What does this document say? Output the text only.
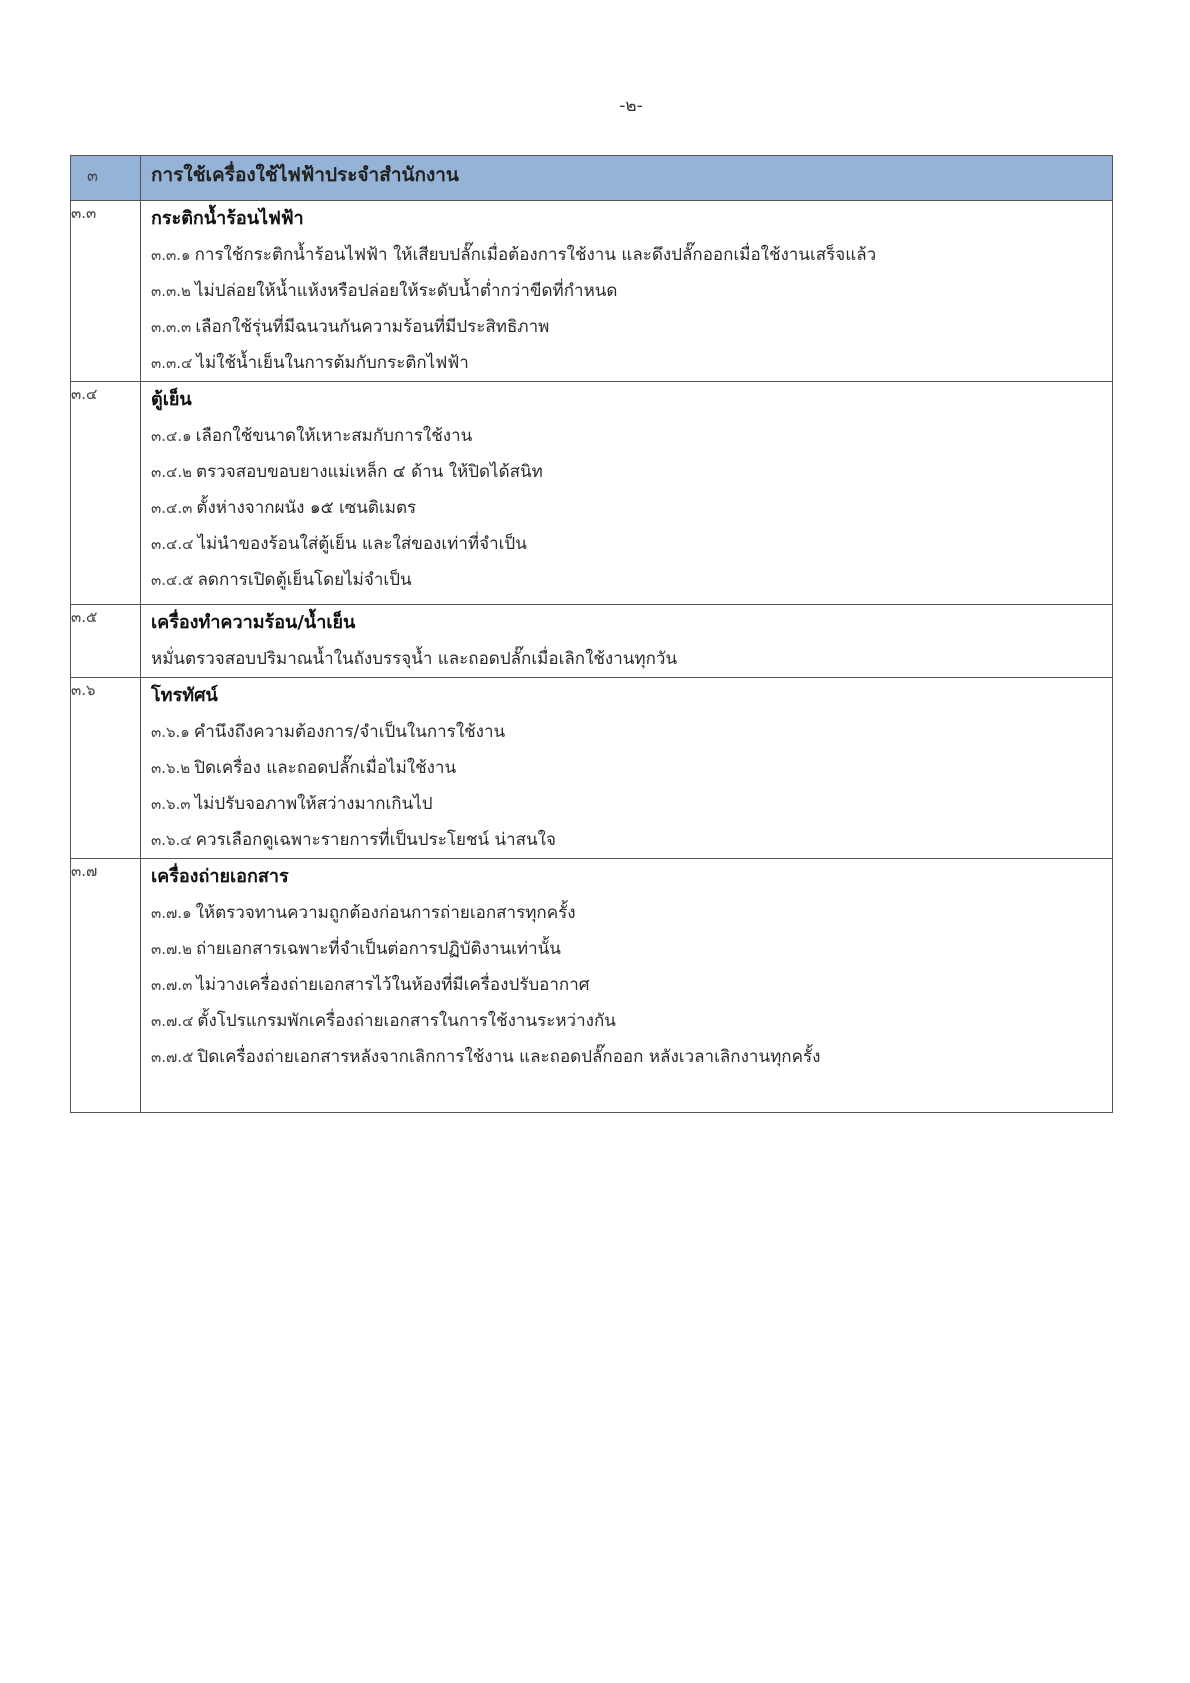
-๒-
๓	การใช้เครื่องใช้ไฟฟ้าประจำสำนักงาน
๓.๓	กระติกน้ำร้อนไฟฟ้า
๓.๓.๑ การใช้กระติกน้ำร้อนไฟฟ้า ให้เสียบปลั๊กเมื่อต้องการใช้งาน และดึงปลั๊กออกเมื่อใช้งานเสร็จแล้ว
๓.๓.๒ ไม่ปล่อยให้น้ำแห้งหรือปล่อยให้ระดับน้ำต่ำกว่าขีดที่กำหนด
๓.๓.๓ เลือกใช้รุ่นที่มีฉนวนกันความร้อนที่มีประสิทธิภาพ
๓.๓.๔ ไม่ใช้น้ำเย็นในการต้มกับกระติกไฟฟ้า

๓.๔	ตู้เย็น
๓.๔.๑ เลือกใช้ขนาดให้เหาะสมกับการใช้งาน
๓.๔.๒ ตรวจสอบขอบยางแม่เหล็ก ๔ ด้าน ให้ปิดได้สนิท
๓.๔.๓ ตั้งห่างจากผนัง ๑๕ เซนติเมตร
๓.๔.๔ ไม่นำของร้อนใส่ตู้เย็น และใส่ของเท่าที่จำเป็น
๓.๔.๕ ลดการเปิดตู้เย็นโดยไม่จำเป็น

๓.๕	เครื่องทำความร้อน/น้ำเย็น
หมั่นตรวจสอบปริมาณน้ำในถังบรรจุน้ำ และถอดปลั๊กเมื่อเลิกใช้งานทุกวัน

๓.๖	โทรทัศน์
๓.๖.๑ คำนึงถึงความต้องการ/จำเป็นในการใช้งาน
๓.๖.๒ ปิดเครื่อง และถอดปลั๊กเมื่อไม่ใช้งาน
๓.๖.๓ ไม่ปรับจอภาพให้สว่างมากเกินไป
๓.๖.๔ ควรเลือกดูเฉพาะรายการที่เป็นประโยชน์ น่าสนใจ

๓.๗	เครื่องถ่ายเอกสาร
๓.๗.๑ ให้ตรวจทานความถูกต้องก่อนการถ่ายเอกสารทุกครั้ง
๓.๗.๒ ถ่ายเอกสารเฉพาะที่จำเป็นต่อการปฏิบัติงานเท่านั้น
๓.๗.๓ ไม่วางเครื่องถ่ายเอกสารไว้ในห้องที่มีเครื่องปรับอากาศ
๓.๗.๔ ตั้งโปรแกรมพักเครื่องถ่ายเอกสารในการใช้งานระหว่างกัน
๓.๗.๕ ปิดเครื่องถ่ายเอกสารหลังจากเลิกการใช้งาน และถอดปลั๊กออก หลังเวลาเลิกงานทุกครั้ง
